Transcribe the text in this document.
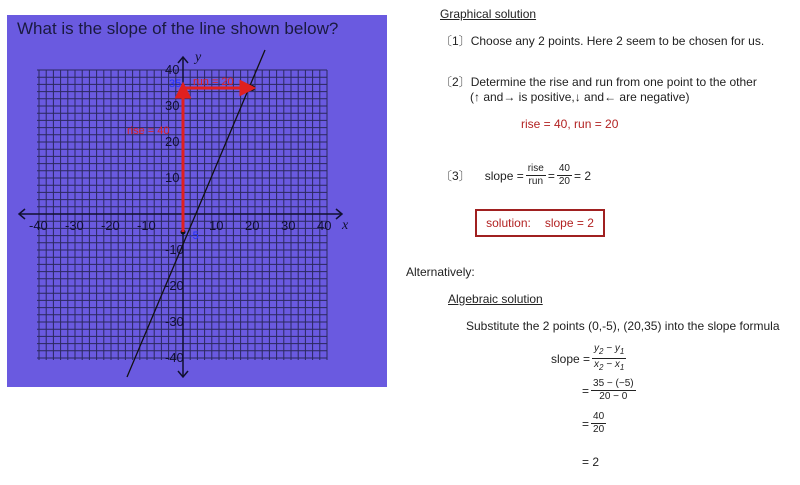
What is the slope of the line shown below?
-40 -30 -20 -10	10 20 30 40
40
30
20
10
-10
-20
-30
-40
x
y
35
-5
run = 20
rise = 40
Graphical solution
〔1〕Choose any 2 points. Here 2 seem to be chosen for us.
〔2〕Determine the rise and run from one point to the other
(↑ and→ is positive,↓ and← are negative)
rise = 40, run = 20
〔3〕 slope = $\frac{\text{rise}}{\text{run}} = \frac{40}{20} = 2$
solution: slope = 2
Alternatively:
Algebraic solution
Substitute the 2 points (0,-5), (20,35) into the slope formula
slope = $\frac{y_2 - y_1}{x_2 - x_1}$
= $\frac{35 - (-5)}{20 - 0}$
= $\frac{40}{20}$
= 2
